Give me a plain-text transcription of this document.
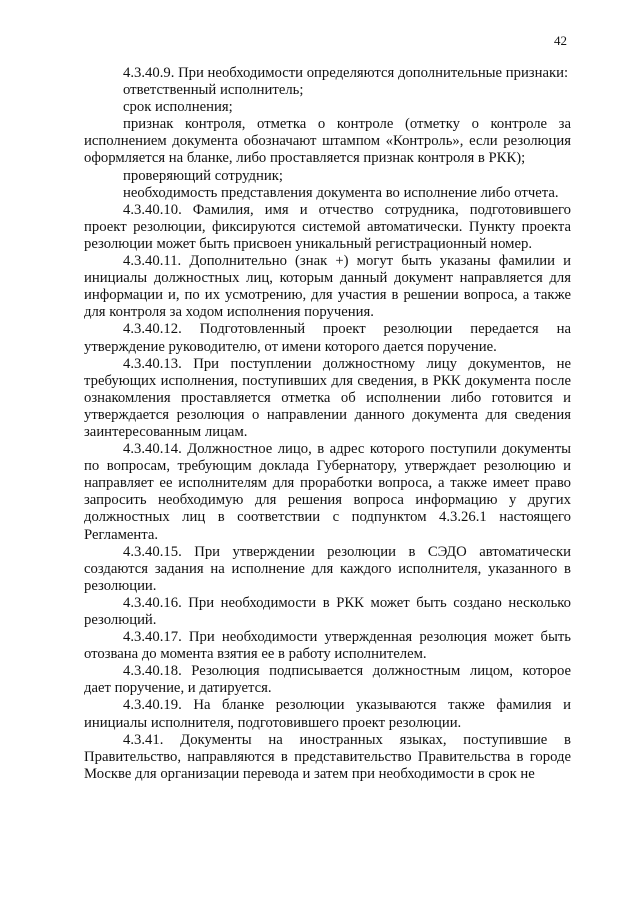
42

4.3.40.9. При необходимости определяются дополнительные признаки:

ответственный исполнитель;

срок исполнения;

признак контроля, отметка о контроле (отметку о контроле за исполнением документа обозначают штампом «Контроль», если резолюция оформляется на бланке, либо проставляется признак контроля в РКК);

проверяющий сотрудник;

необходимость представления документа во исполнение либо отчета.

4.3.40.10. Фамилия, имя и отчество сотрудника, подготовившего проект резолюции, фиксируются системой автоматически. Пункту проекта резолюции может быть присвоен уникальный регистрационный номер.

4.3.40.11. Дополнительно (знак +) могут быть указаны фамилии и инициалы должностных лиц, которым данный документ направляется для информации и, по их усмотрению, для участия в решении вопроса, а также для контроля за ходом исполнения поручения.

4.3.40.12. Подготовленный проект резолюции передается на утверждение руководителю, от имени которого дается поручение.

4.3.40.13. При поступлении должностному лицу документов, не требующих исполнения, поступивших для сведения, в РКК документа после ознакомления проставляется отметка об исполнении либо готовится и утверждается резолюция о направлении данного документа для сведения заинтересованным лицам.

4.3.40.14. Должностное лицо, в адрес которого поступили документы по вопросам, требующим доклада Губернатору, утверждает резолюцию и направляет ее исполнителям для проработки вопроса, а также имеет право запросить необходимую для решения вопроса информацию у других должностных лиц в соответствии с подпунктом 4.3.26.1 настоящего Регламента.

4.3.40.15. При утверждении резолюции в СЭДО автоматически создаются задания на исполнение для каждого исполнителя, указанного в резолюции.

4.3.40.16. При необходимости в РКК может быть создано несколько резолюций.

4.3.40.17. При необходимости утвержденная резолюция может быть отозвана до момента взятия ее в работу исполнителем.

4.3.40.18. Резолюция подписывается должностным лицом, которое дает поручение, и датируется.

4.3.40.19. На бланке резолюции указываются также фамилия и инициалы исполнителя, подготовившего проект резолюции.

4.3.41. Документы на иностранных языках, поступившие в Правительство, направляются в представительство Правительства в городе Москве для организации перевода и затем при необходимости в срок не
